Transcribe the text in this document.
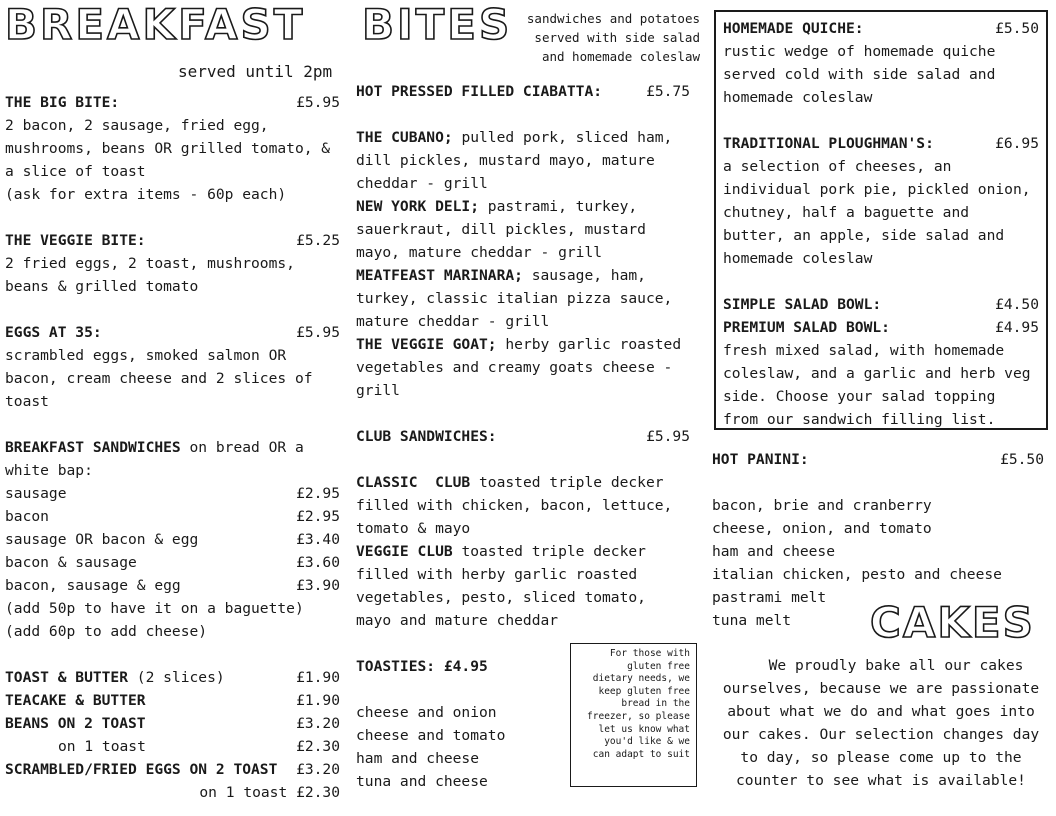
BREAKFAST BITES	sandwiches and potatoes
served with side salad
and homemade coleslaw
served until 2pm
THE BIG BITE:	£5.95
2 bacon, 2 sausage, fried egg,
mushrooms, beans OR grilled tomato, &
a slice of toast
(ask for extra items - 60p each)
THE VEGGIE BITE:	£5.25
2 fried eggs, 2 toast, mushrooms,
beans & grilled tomato
EGGS AT 35:	£5.95
scrambled eggs, smoked salmon OR
bacon, cream cheese and 2 slices of
toast
BREAKFAST SANDWICHES on bread OR a
white bap:
sausage	£2.95
bacon	£2.95
sausage OR bacon & egg	£3.40
bacon & sausage	£3.60
bacon, sausage & egg	£3.90
(add 50p to have it on a baguette)
(add 60p to add cheese)
TOAST & BUTTER (2 slices)	£1.90
TEACAKE & BUTTER	£1.90
BEANS ON 2 TOAST	£3.20
on 1 toast	£2.30
SCRAMBLED/FRIED EGGS ON 2 TOAST £3.20
on 1 toast £2.30
HOT PRESSED FILLED CIABATTA:	£5.75
THE CUBANO; pulled pork, sliced ham,
dill pickles, mustard mayo, mature
cheddar - grill
NEW YORK DELI; pastrami, turkey,
sauerkraut, dill pickles, mustard
mayo, mature cheddar - grill
MEATFEAST MARINARA; sausage, ham,
turkey, classic italian pizza sauce,
mature cheddar - grill
THE VEGGIE GOAT; herby garlic roasted
vegetables and creamy goats cheese -
grill
CLUB SANDWICHES:	£5.95
CLASSIC  CLUB toasted triple decker
filled with chicken, bacon, lettuce,
tomato & mayo
VEGGIE CLUB toasted triple decker
filled with herby garlic roasted
vegetables, pesto, sliced tomato,
mayo and mature cheddar
TOASTIES: £4.95
cheese and onion
cheese and tomato
ham and cheese
tuna and cheese
For those with
gluten free
dietary needs, we
keep gluten free
bread in the
freezer, so please
let us know what
you'd like & we
can adapt to suit
HOMEMADE QUICHE:	£5.50
rustic wedge of homemade quiche
served cold with side salad and
homemade coleslaw
TRADITIONAL PLOUGHMAN'S:	£6.95
a selection of cheeses, an
individual pork pie, pickled onion,
chutney, half a baguette and
butter, an apple, side salad and
homemade coleslaw
SIMPLE SALAD BOWL:	£4.50
PREMIUM SALAD BOWL:	£4.95
fresh mixed salad, with homemade
coleslaw, and a garlic and herb veg
side. Choose your salad topping
from our sandwich filling list.
HOT PANINI:	£5.50
bacon, brie and cranberry
cheese, onion, and tomato
ham and cheese
italian chicken, pesto and cheese
pastrami melt
tuna melt	CAKES
We proudly bake all our cakes
ourselves, because we are passionate
about what we do and what goes into
our cakes. Our selection changes day
to day, so please come up to the
counter to see what is available!
